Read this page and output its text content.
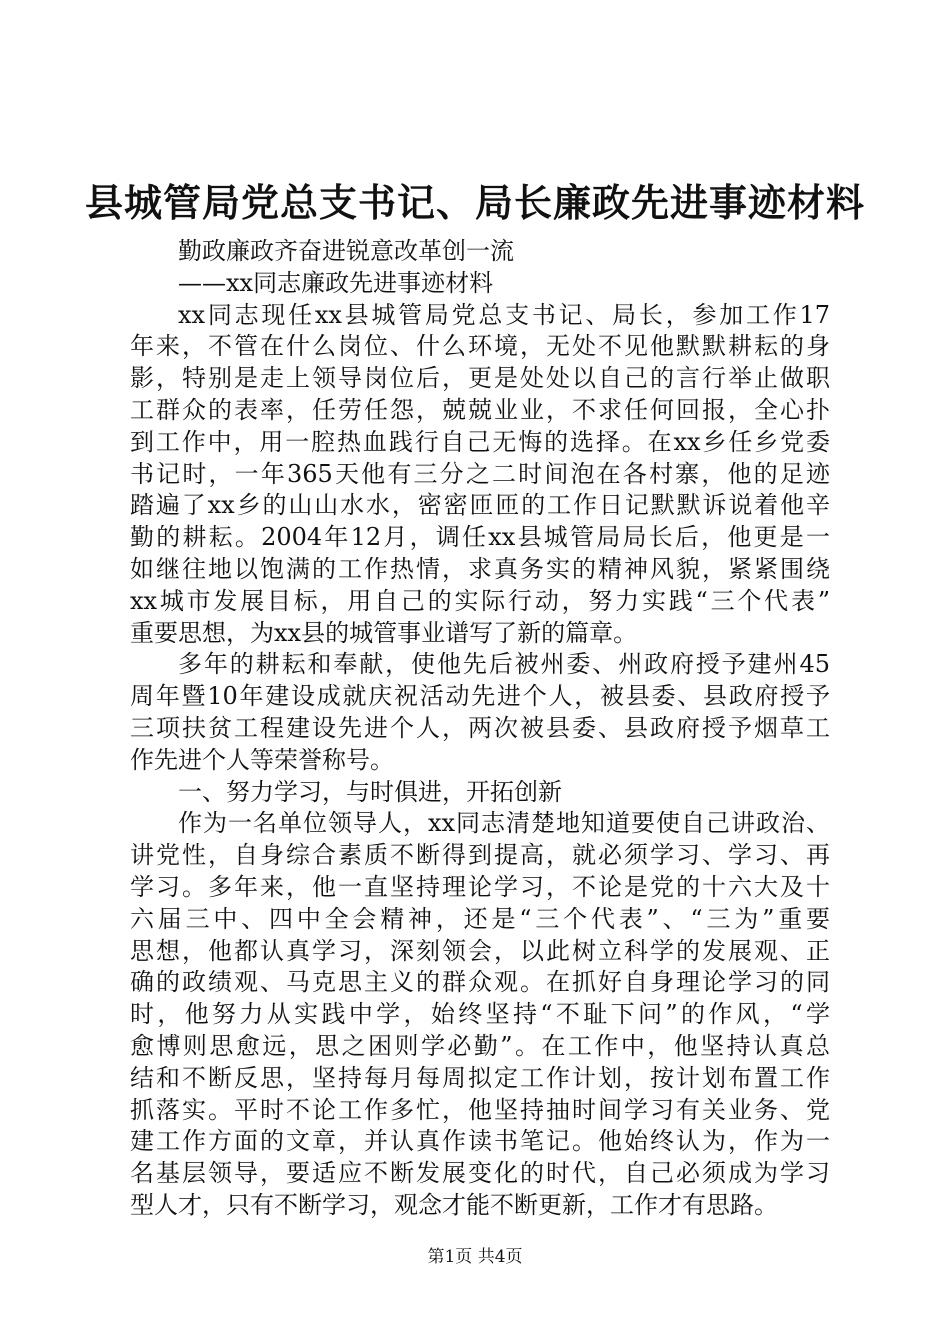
县城管局党总支书记、局长廉政先进事迹材料
勤政廉政齐奋进锐意改革创一流
——xx同志廉政先进事迹材料
xx同志现任xx县城管局党总支书记、局长，参加工作17
年来，不管在什么岗位、什么环境，无处不见他默默耕耘的身
影，特别是走上领导岗位后，更是处处以自己的言行举止做职
工群众的表率，任劳任怨，兢兢业业，不求任何回报，全心扑
到工作中，用一腔热血践行自己无悔的选择。在xx乡任乡党委
书记时，一年365天他有三分之二时间泡在各村寨，他的足迹
踏遍了xx乡的山山水水，密密匝匝的工作日记默默诉说着他辛
勤的耕耘。2004年12月，调任xx县城管局局长后，他更是一
如继往地以饱满的工作热情，求真务实的精神风貌，紧紧围绕
xx城市发展目标，用自己的实际行动，努力实践“三个代表”
重要思想，为xx县的城管事业谱写了新的篇章。
多年的耕耘和奉献，使他先后被州委、州政府授予建州45
周年暨10年建设成就庆祝活动先进个人，被县委、县政府授予
三项扶贫工程建设先进个人，两次被县委、县政府授予烟草工
作先进个人等荣誉称号。
一、努力学习，与时俱进，开拓创新
作为一名单位领导人，xx同志清楚地知道要使自己讲政治、
讲党性，自身综合素质不断得到提高，就必须学习、学习、再
学习。多年来，他一直坚持理论学习，不论是党的十六大及十
六届三中、四中全会精神，还是“三个代表”、“三为”重要
思想，他都认真学习，深刻领会，以此树立科学的发展观、正
确的政绩观、马克思主义的群众观。在抓好自身理论学习的同
时，他努力从实践中学，始终坚持“不耻下问”的作风，“学
愈博则思愈远，思之困则学必勤”。在工作中，他坚持认真总
结和不断反思，坚持每月每周拟定工作计划，按计划布置工作
抓落实。平时不论工作多忙，他坚持抽时间学习有关业务、党
建工作方面的文章，并认真作读书笔记。他始终认为，作为一
名基层领导，要适应不断发展变化的时代，自己必须成为学习
型人才，只有不断学习，观念才能不断更新，工作才有思路。
第1页 共4页
